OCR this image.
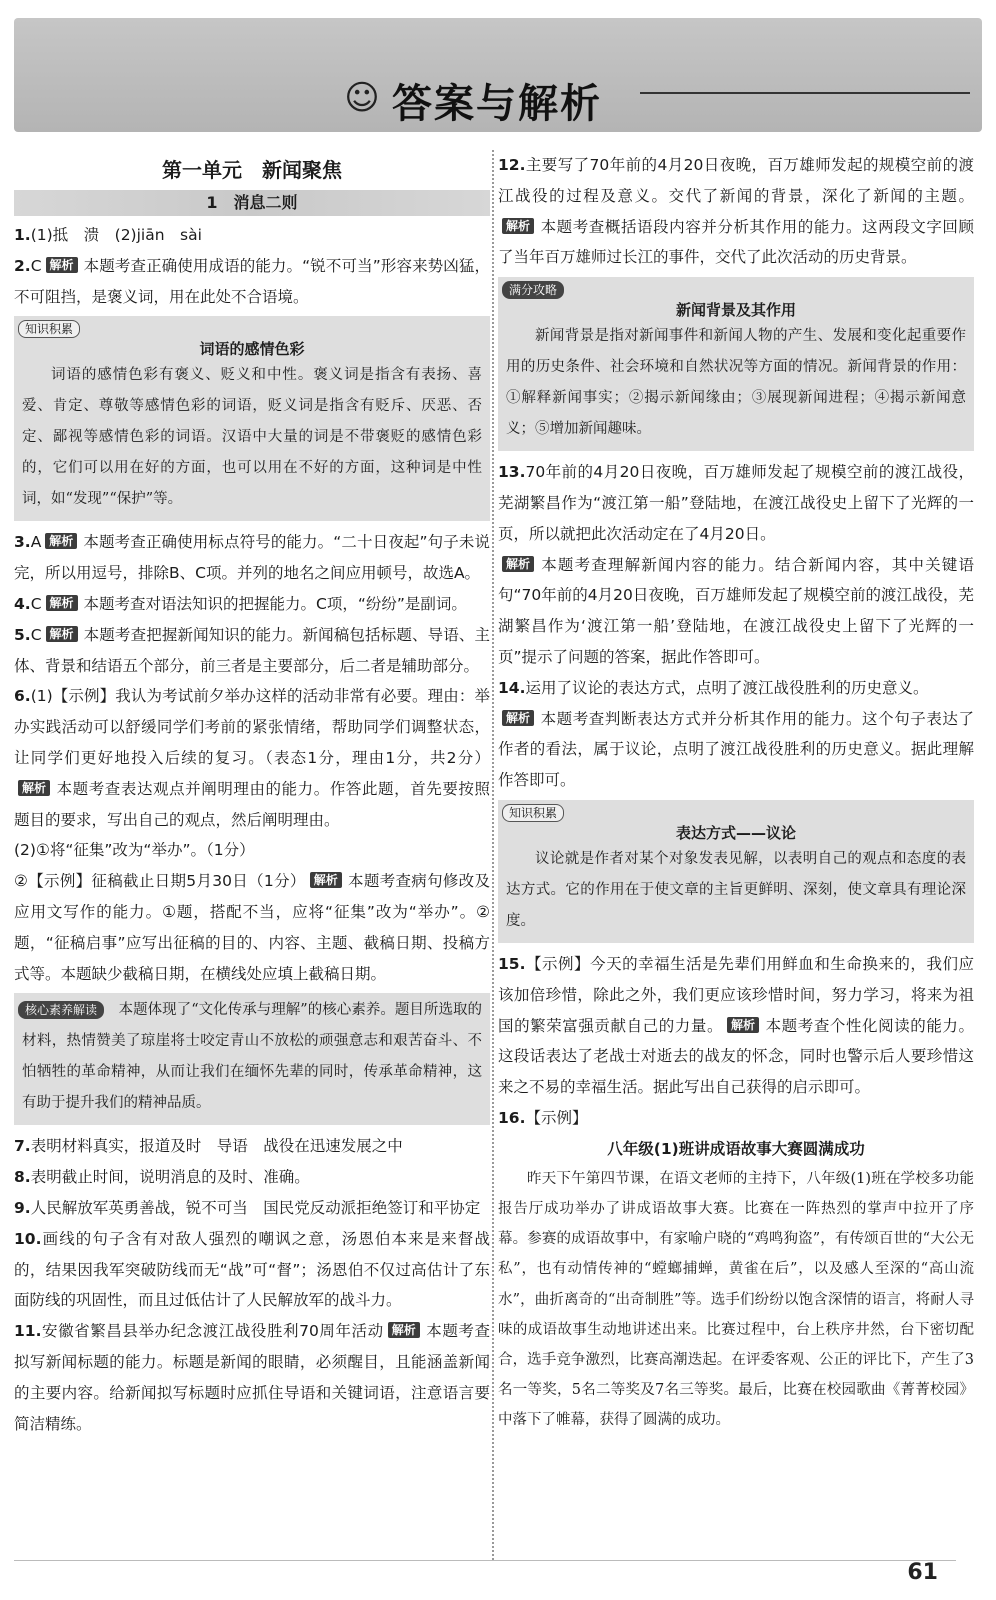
☺ 答案与解析
第一单元　新闻聚焦
1　消息二则
1.(1)抵　溃　(2)jiān　sài
2.C 解析 本题考查正确使用成语的能力。“锐不可当”形容来势凶猛，不可阻挡，是褒义词，用在此处不合语境。
知识积累
词语的感情色彩
词语的感情色彩有褒义、贬义和中性。褒义词是指含有表扬、喜爱、肯定、尊敬等感情色彩的词语，贬义词是指含有贬斥、厌恶、否定、鄙视等感情色彩的词语。汉语中大量的词是不带褒贬的感情色彩的，它们可以用在好的方面，也可以用在不好的方面，这种词是中性词，如“发现”“保护”等。
3.A 解析 本题考查正确使用标点符号的能力。“二十日夜起”句子未说完，所以用逗号，排除B、C项。并列的地名之间应用顿号，故选A。
4.C 解析 本题考查对语法知识的把握能力。C项，“纷纷”是副词。
5.C 解析 本题考查把握新闻知识的能力。新闻稿包括标题、导语、主体、背景和结语五个部分，前三者是主要部分，后二者是辅助部分。
6.(1)【示例】我认为考试前夕举办这样的活动非常有必要。理由：举办实践活动可以舒缓同学们考前的紧张情绪，帮助同学们调整状态，让同学们更好地投入后续的复习。（表态1分，理由1分，共2分）解析 本题考查表达观点并阐明理由的能力。作答此题，首先要按照题目的要求，写出自己的观点，然后阐明理由。
(2)①将“征集”改为“举办”。（1分）
②【示例】征稿截止日期5月30日（1分） 解析 本题考查病句修改及应用文写作的能力。①题，搭配不当，应将“征集”改为“举办”。②题，“征稿启事”应写出征稿的目的、内容、主题、截稿日期、投稿方式等。本题缺少截稿日期，在横线处应填上截稿日期。
核心素养解读　 本题体现了“文化传承与理解”的核心素养。题目所选取的材料，热情赞美了琼崖将士咬定青山不放松的顽强意志和艰苦奋斗、不怕牺牲的革命精神，从而让我们在缅怀先辈的同时，传承革命精神，这有助于提升我们的精神品质。
7.表明材料真实，报道及时　导语　战役在迅速发展之中
8.表明截止时间，说明消息的及时、准确。
9.人民解放军英勇善战，锐不可当　国民党反动派拒绝签订和平协定
10.画线的句子含有对敌人强烈的嘲讽之意，汤恩伯本来是来督战的，结果因我军突破防线而无“战”可“督”；汤恩伯不仅过高估计了东面防线的巩固性，而且过低估计了人民解放军的战斗力。
11.安徽省繁昌县举办纪念渡江战役胜利70周年活动 解析 本题考查拟写新闻标题的能力。标题是新闻的眼睛，必须醒目，且能涵盖新闻的主要内容。给新闻拟写标题时应抓住导语和关键词语，注意语言要简洁精练。
12.主要写了70年前的4月20日夜晚，百万雄师发起的规模空前的渡江战役的过程及意义。交代了新闻的背景，深化了新闻的主题。解析 本题考查概括语段内容并分析其作用的能力。这两段文字回顾了当年百万雄师过长江的事件，交代了此次活动的历史背景。
满分攻略
新闻背景及其作用
新闻背景是指对新闻事件和新闻人物的产生、发展和变化起重要作用的历史条件、社会环境和自然状况等方面的情况。新闻背景的作用：①解释新闻事实；②揭示新闻缘由；③展现新闻进程；④揭示新闻意义；⑤增加新闻趣味。
13.70年前的4月20日夜晚，百万雄师发起了规模空前的渡江战役，芜湖繁昌作为“渡江第一船”登陆地，在渡江战役史上留下了光辉的一页，所以就把此次活动定在了4月20日。
解析 本题考查理解新闻内容的能力。结合新闻内容，其中关键语句“70年前的4月20日夜晚，百万雄师发起了规模空前的渡江战役，芜湖繁昌作为‘渡江第一船’登陆地，在渡江战役史上留下了光辉的一页”提示了问题的答案，据此作答即可。
14.运用了议论的表达方式，点明了渡江战役胜利的历史意义。
解析 本题考查判断表达方式并分析其作用的能力。这个句子表达了作者的看法，属于议论，点明了渡江战役胜利的历史意义。据此理解作答即可。
知识积累
表达方式——议论
议论就是作者对某个对象发表见解，以表明自己的观点和态度的表达方式。它的作用在于使文章的主旨更鲜明、深刻，使文章具有理论深度。
15.【示例】今天的幸福生活是先辈们用鲜血和生命换来的，我们应该加倍珍惜，除此之外，我们更应该珍惜时间，努力学习，将来为祖国的繁荣富强贡献自己的力量。 解析 本题考查个性化阅读的能力。这段话表达了老战士对逝去的战友的怀念，同时也警示后人要珍惜这来之不易的幸福生活。据此写出自己获得的启示即可。
16.【示例】
八年级(1)班讲成语故事大赛圆满成功
昨天下午第四节课，在语文老师的主持下，八年级(1)班在学校多功能报告厅成功举办了讲成语故事大赛。比赛在一阵热烈的掌声中拉开了序幕。参赛的成语故事中，有家喻户晓的“鸡鸣狗盗”，有传颂百世的“大公无私”，也有动情传神的“螳螂捕蝉，黄雀在后”，以及感人至深的“高山流水”，曲折离奇的“出奇制胜”等。选手们纷纷以饱含深情的语言，将耐人寻味的成语故事生动地讲述出来。比赛过程中，台上秩序井然，台下密切配合，选手竞争激烈，比赛高潮迭起。在评委客观、公正的评比下，产生了3名一等奖，5名二等奖及7名三等奖。最后，比赛在校园歌曲《菁菁校园》中落下了帷幕，获得了圆满的成功。
61
